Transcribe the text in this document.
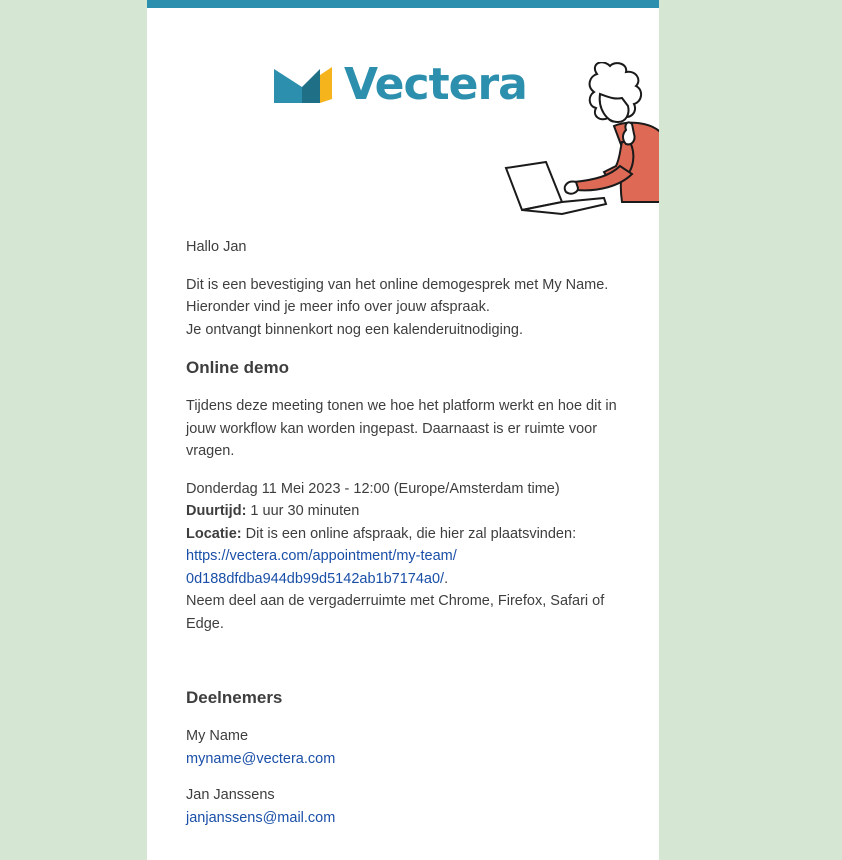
Vectera

Hallo Jan

Dit is een bevestiging van het online demogesprek met My Name.
Hieronder vind je meer info over jouw afspraak.
Je ontvangt binnenkort nog een kalenderuitnodiging.

Online demo

Tijdens deze meeting tonen we hoe het platform werkt en hoe dit in
jouw workflow kan worden ingepast. Daarnaast is er ruimte voor
vragen.

Donderdag 11 Mei 2023 - 12:00 (Europe/Amsterdam time)
Duurtijd: 1 uur 30 minuten
Locatie: Dit is een online afspraak, die hier zal plaatsvinden:
https://vectera.com/appointment/my-team/
0d188dfdba944db99d5142ab1b7174a0/.
Neem deel aan de vergaderruimte met Chrome, Firefox, Safari of
Edge.

Deelnemers
My Name
myname@vectera.com
Jan Janssens
janjanssens@mail.com
